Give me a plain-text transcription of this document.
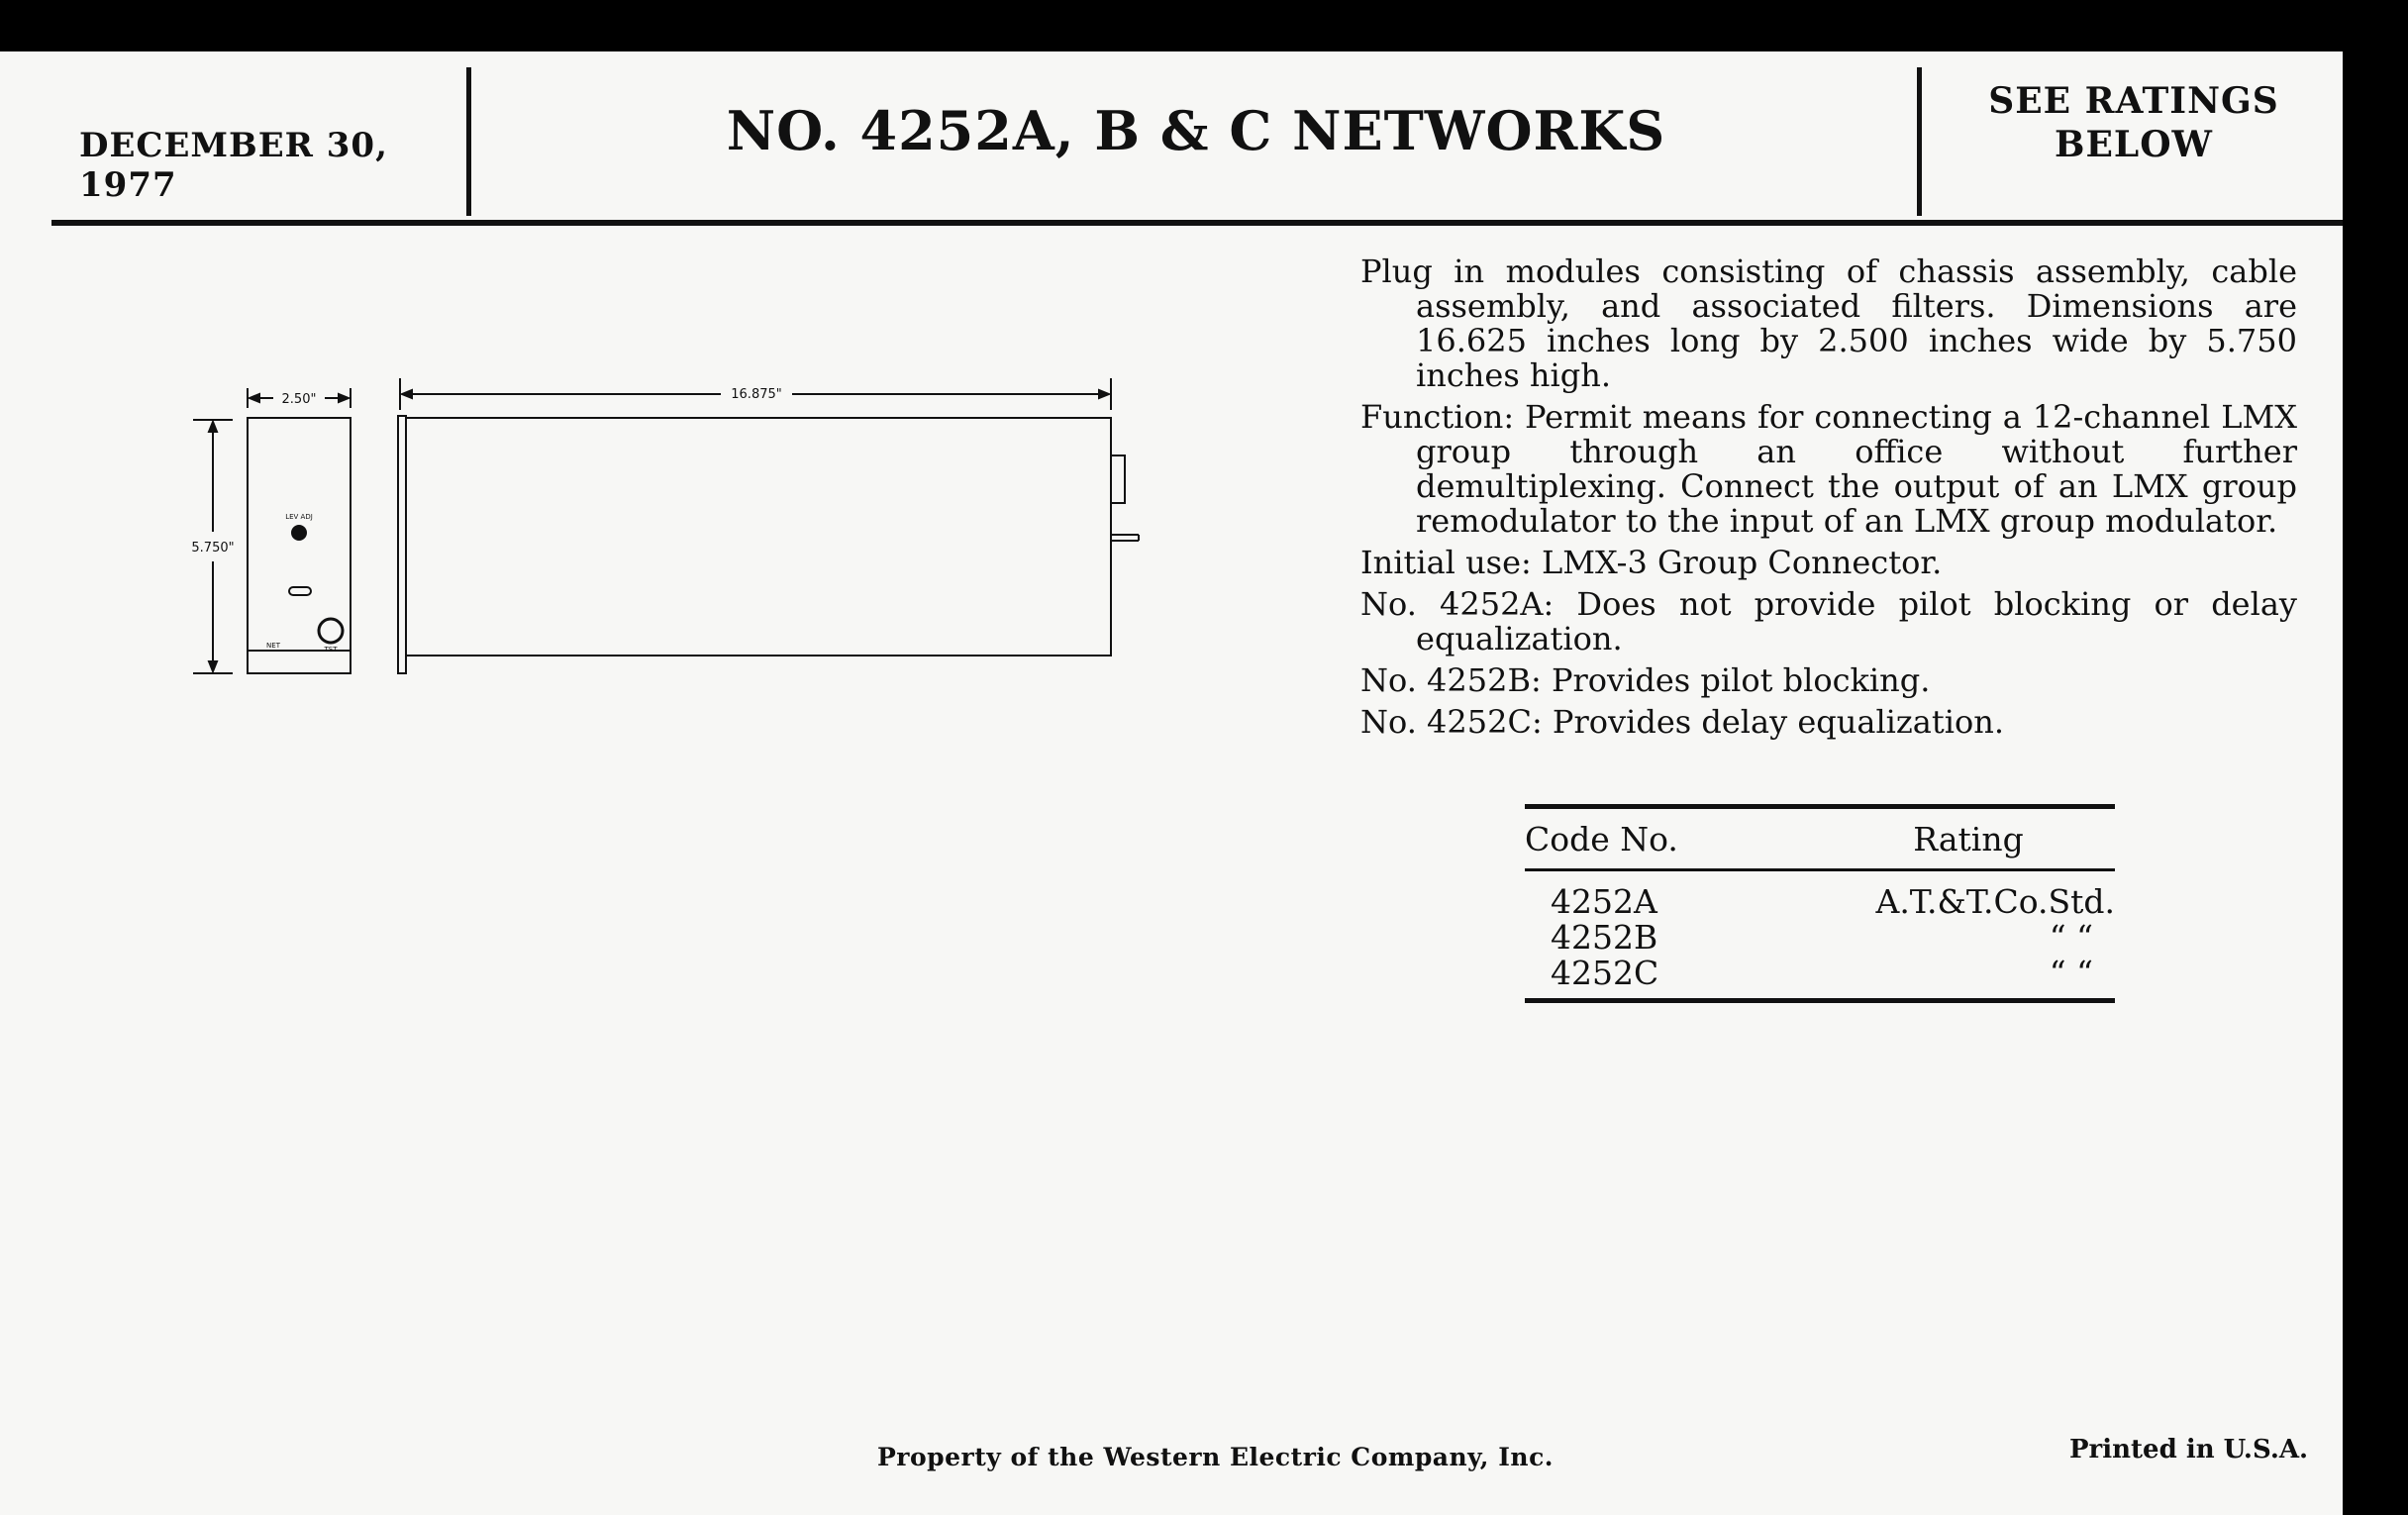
DECEMBER 30, 1977
NO. 4252A, B & C NETWORKS	SEE RATINGS
BELOW
2.50"	16.875"
5.750"
LEV ADJ
NET	TST

Plug in modules consisting of chassis assembly, cable assembly, and associated filters. Dimensions are 16.625 inches long by 2.500 inches wide by 5.750 inches high.

Function: Permit means for connecting a 12-channel LMX group through an office without further demultiplexing. Connect the output of an LMX group remodulator to the input of an LMX group modulator.

Initial use: LMX-3 Group Connector.

No. 4252A: Does not provide pilot blocking or delay equalization.

No. 4252B: Provides pilot blocking.

No. 4252C: Provides delay equalization.

Code No.	Rating
4252A	A.T.&T.Co.Std.
4252B	“ “
4252C	“ “
Property of the Western Electric Company, Inc.	Printed in U.S.A.
